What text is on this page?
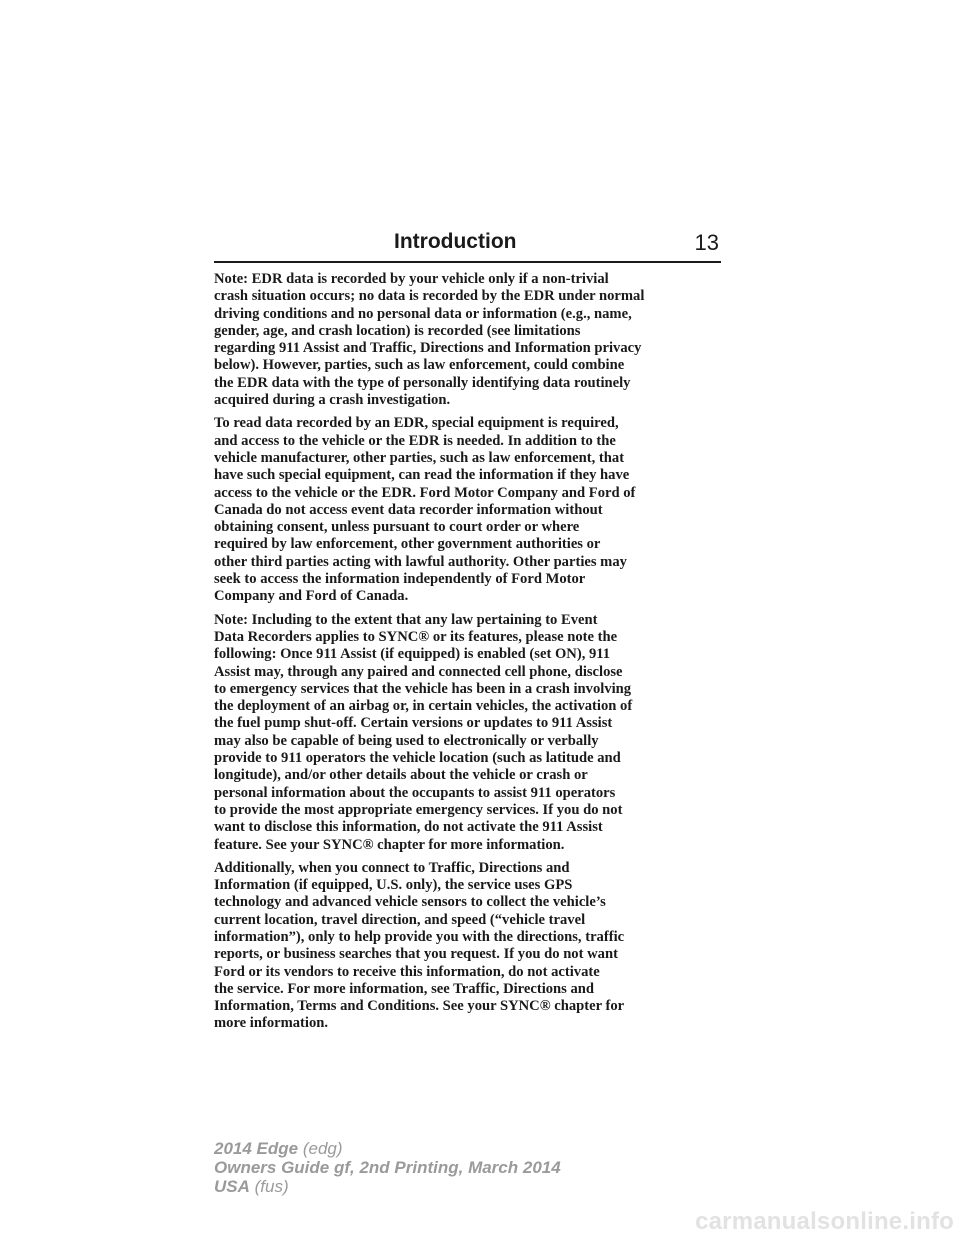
Introduction	13

Note: EDR data is recorded by your vehicle only if a non-trivial
crash situation occurs; no data is recorded by the EDR under normal
driving conditions and no personal data or information (e.g., name,
gender, age, and crash location) is recorded (see limitations
regarding 911 Assist and Traffic, Directions and Information privacy
below). However, parties, such as law enforcement, could combine
the EDR data with the type of personally identifying data routinely
acquired during a crash investigation.

To read data recorded by an EDR, special equipment is required,
and access to the vehicle or the EDR is needed. In addition to the
vehicle manufacturer, other parties, such as law enforcement, that
have such special equipment, can read the information if they have
access to the vehicle or the EDR. Ford Motor Company and Ford of
Canada do not access event data recorder information without
obtaining consent, unless pursuant to court order or where
required by law enforcement, other government authorities or
other third parties acting with lawful authority. Other parties may
seek to access the information independently of Ford Motor
Company and Ford of Canada.

Note: Including to the extent that any law pertaining to Event
Data Recorders applies to SYNC® or its features, please note the
following: Once 911 Assist (if equipped) is enabled (set ON), 911
Assist may, through any paired and connected cell phone, disclose
to emergency services that the vehicle has been in a crash involving
the deployment of an airbag or, in certain vehicles, the activation of
the fuel pump shut-off. Certain versions or updates to 911 Assist
may also be capable of being used to electronically or verbally
provide to 911 operators the vehicle location (such as latitude and
longitude), and/or other details about the vehicle or crash or
personal information about the occupants to assist 911 operators
to provide the most appropriate emergency services. If you do not
want to disclose this information, do not activate the 911 Assist
feature. See your SYNC® chapter for more information.

Additionally, when you connect to Traffic, Directions and
Information (if equipped, U.S. only), the service uses GPS
technology and advanced vehicle sensors to collect the vehicle’s
current location, travel direction, and speed (“vehicle travel
information”), only to help provide you with the directions, traffic
reports, or business searches that you request. If you do not want
Ford or its vendors to receive this information, do not activate
the service. For more information, see Traffic, Directions and
Information, Terms and Conditions. See your SYNC® chapter for
more information.

2014 Edge (edg)
Owners Guide gf, 2nd Printing, March 2014
USA (fus)
carmanualsonline.info
